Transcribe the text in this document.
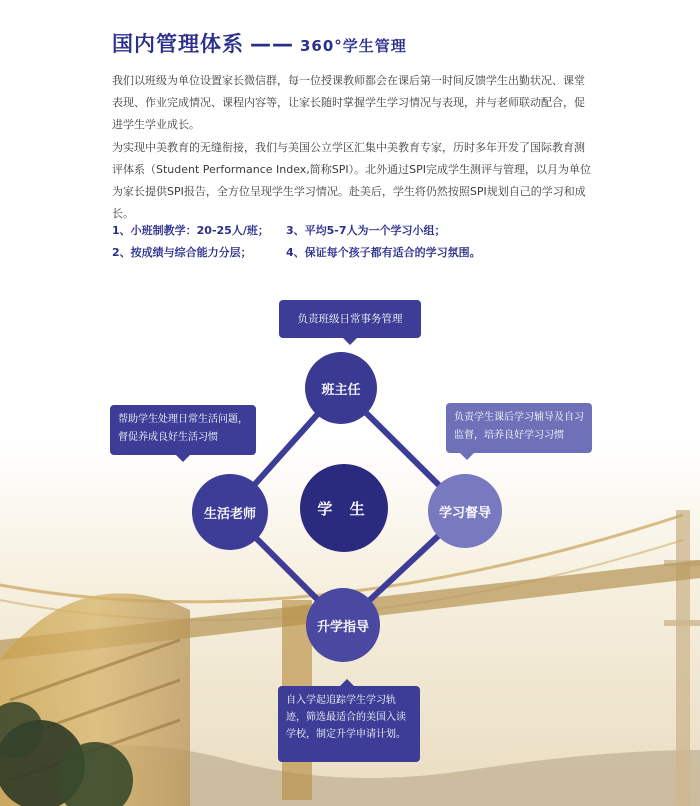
国内管理体系 —— 360°学生管理
我们以班级为单位设置家长微信群，每一位授课教师都会在课后第一时间反馈学生出勤状况、课堂表现、作业完成情况、课程内容等，让家长随时掌握学生学习情况与表现，并与老师联动配合，促进学生学业成长。
为实现中美教育的无缝衔接，我们与美国公立学区汇集中美教育专家，历时多年开发了国际教育测评体系（Student Performance Index,简称SPI）。北外通过SPI完成学生测评与管理，以月为单位为家长提供SPI报告，全方位呈现学生学习情况。赴美后，学生将仍然按照SPI规划自己的学习和成长。
1、小班制教学：20-25人/班；	3、平均5-7人为一个学习小组；
2、按成绩与综合能力分层；	4、保证每个孩子都有适合的学习氛围。
负责班级日常事务管理
帮助学生处理日常生活问题，督促养成良好生活习惯
负责学生课后学习辅导及自习监督，培养良好学习习惯
自入学起追踪学生学习轨迹，筛选最适合的美国入读学校，制定升学申请计划。
班主任
生活老师	学习督导
升学指导
学 生
